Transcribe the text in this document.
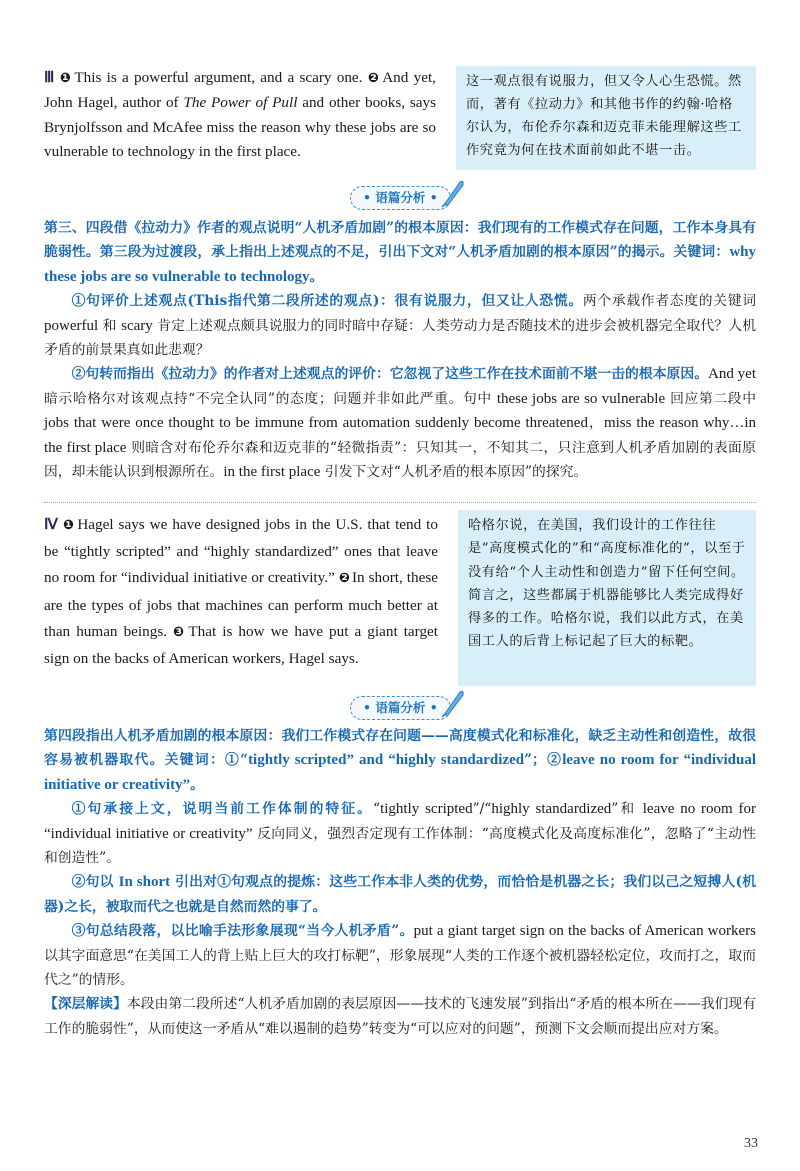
Ⅲ ❶ This is a powerful argument, and a scary one. ❷ And yet, John Hagel, author of The Power of Pull and other books, says Brynjolfsson and McAfee miss the reason why these jobs are so vulnerable to technology in the first place.
这一观点很有说服力，但又令人心生恐慌。然而，著有《拉动力》和其他书作的约翰·哈格尔认为，布伦乔尔森和迈克菲未能理解这些工作究竟为何在技术面前如此不堪一击。
• 语篇分析 •

第三、四段借《拉动力》作者的观点说明“人机矛盾加剧”的根本原因：我们现有的工作模式存在问题，工作本身具有脆弱性。第三段为过渡段，承上指出上述观点的不足，引出下文对“人机矛盾加剧的根本原因”的揭示。关键词：why these jobs are so vulnerable to technology。

①句评价上述观点(This指代第二段所述的观点)：很有说服力，但又让人恐慌。两个承载作者态度的关键词 powerful 和 scary 肯定上述观点颇具说服力的同时暗中存疑：人类劳动力是否随技术的进步会被机器完全取代？人机矛盾的前景果真如此悲观？

②句转而指出《拉动力》的作者对上述观点的评价：它忽视了这些工作在技术面前不堪一击的根本原因。And yet 暗示哈格尔对该观点持“不完全认同”的态度；问题并非如此严重。句中 these jobs are so vulnerable 回应第二段中 jobs that were once thought to be immune from automation suddenly become threatened，miss the reason why…in the first place 则暗含对布伦乔尔森和迈克菲的“轻微指责”：只知其一，不知其二，只注意到人机矛盾加剧的表面原因，却未能认识到根源所在。in the first place 引发下文对“人机矛盾的根本原因”的探究。

Ⅳ ❶ Hagel says we have designed jobs in the U.S. that tend to be “tightly scripted” and “highly standardized” ones that leave no room for “individual initiative or creativity.” ❷ In short, these are the types of jobs that machines can perform much better at than human beings. ❸ That is how we have put a giant target sign on the backs of American workers, Hagel says.
哈格尔说，在美国，我们设计的工作往往是“高度模式化的”和“高度标准化的”，以至于没有给“个人主动性和创造力”留下任何空间。简言之，这些都属于机器能够比人类完成得好得多的工作。哈格尔说，我们以此方式，在美国工人的后背上标记起了巨大的标靶。
• 语篇分析 •

第四段指出人机矛盾加剧的根本原因：我们工作模式存在问题——高度模式化和标准化，缺乏主动性和创造性，故很容易被机器取代。关键词：①“tightly scripted” and “highly standardized”；②leave no room for “individual initiative or creativity”。

①句承接上文，说明当前工作体制的特征。“tightly scripted”/“highly standardized”和 leave no room for “individual initiative or creativity” 反向同义，强烈否定现有工作体制：“高度模式化及高度标准化”，忽略了“主动性和创造性”。

②句以 In short 引出对①句观点的提炼：这些工作本非人类的优势，而恰恰是机器之长；我们以己之短搏人(机器)之长，被取而代之也就是自然而然的事了。

③句总结段落，以比喻手法形象展现“当今人机矛盾”。put a giant target sign on the backs of American workers 以其字面意思“在美国工人的背上贴上巨大的攻打标靶”，形象展现“人类的工作逐个被机器轻松定位，攻而打之，取而代之”的情形。

【深层解读】本段由第二段所述“人机矛盾加剧的表层原因——技术的飞速发展”到指出“矛盾的根本所在——我们现有工作的脆弱性”，从而使这一矛盾从“难以遏制的趋势”转变为“可以应对的问题”，预测下文会顺而提出应对方案。

33
